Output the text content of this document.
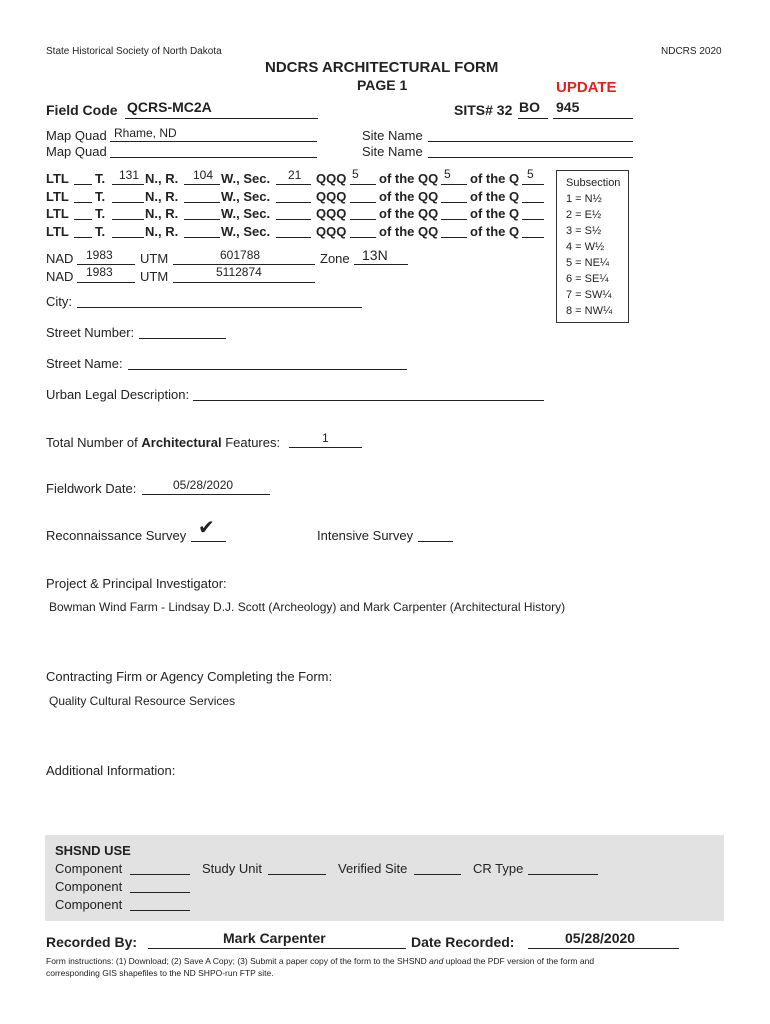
State Historical Society of North Dakota	NDCRS 2020
NDCRS ARCHITECTURAL FORM
PAGE 1	UPDATE
Field Code QCRS-MC2A	SITS# 32 BO 945
Map Quad Rhame, ND
Map Quad
Site Name
Site Name
LTL T. 131 N., R. 104 W., Sec. 21 QQQ 5 of the QQ 5 of the Q 5
LTL T.	N., R.	W., Sec.	QQQ	of the QQ of the Q
LTL T.	N., R.	W., Sec.	QQQ	of the QQ of the Q
LTL T.	N., R.	W., Sec.	QQQ	of the QQ of the Q
Subsection
1 = N½
2 = E½
3 = S½
4 = W½
5 = NE¼
6 = SE¼
7 = SW¼
8 = NW¼
NAD 1983 UTM	601788	Zone 13N
NAD 1983 UTM	5112874
City:
Street Number:
Street Name:
Urban Legal Description:
Total Number of Architectural Features:	1
Fieldwork Date:	05/28/2020
Reconnaissance Survey ✔	Intensive Survey
Project & Principal Investigator:
Bowman Wind Farm - Lindsay D.J. Scott (Archeology) and Mark Carpenter (Architectural History)
Contracting Firm or Agency Completing the Form:
Quality Cultural Resource Services
Additional Information:
SHSND USE
Component	Study Unit	Verified Site	CR Type
Component
Component
Recorded By:	Mark Carpenter	Date Recorded:	05/28/2020
Form instructions: (1) Download; (2) Save A Copy; (3) Submit a paper copy of the form to the SHSND and upload the PDF version of the form and
corresponding GIS shapefiles to the ND SHPO-run FTP site.
